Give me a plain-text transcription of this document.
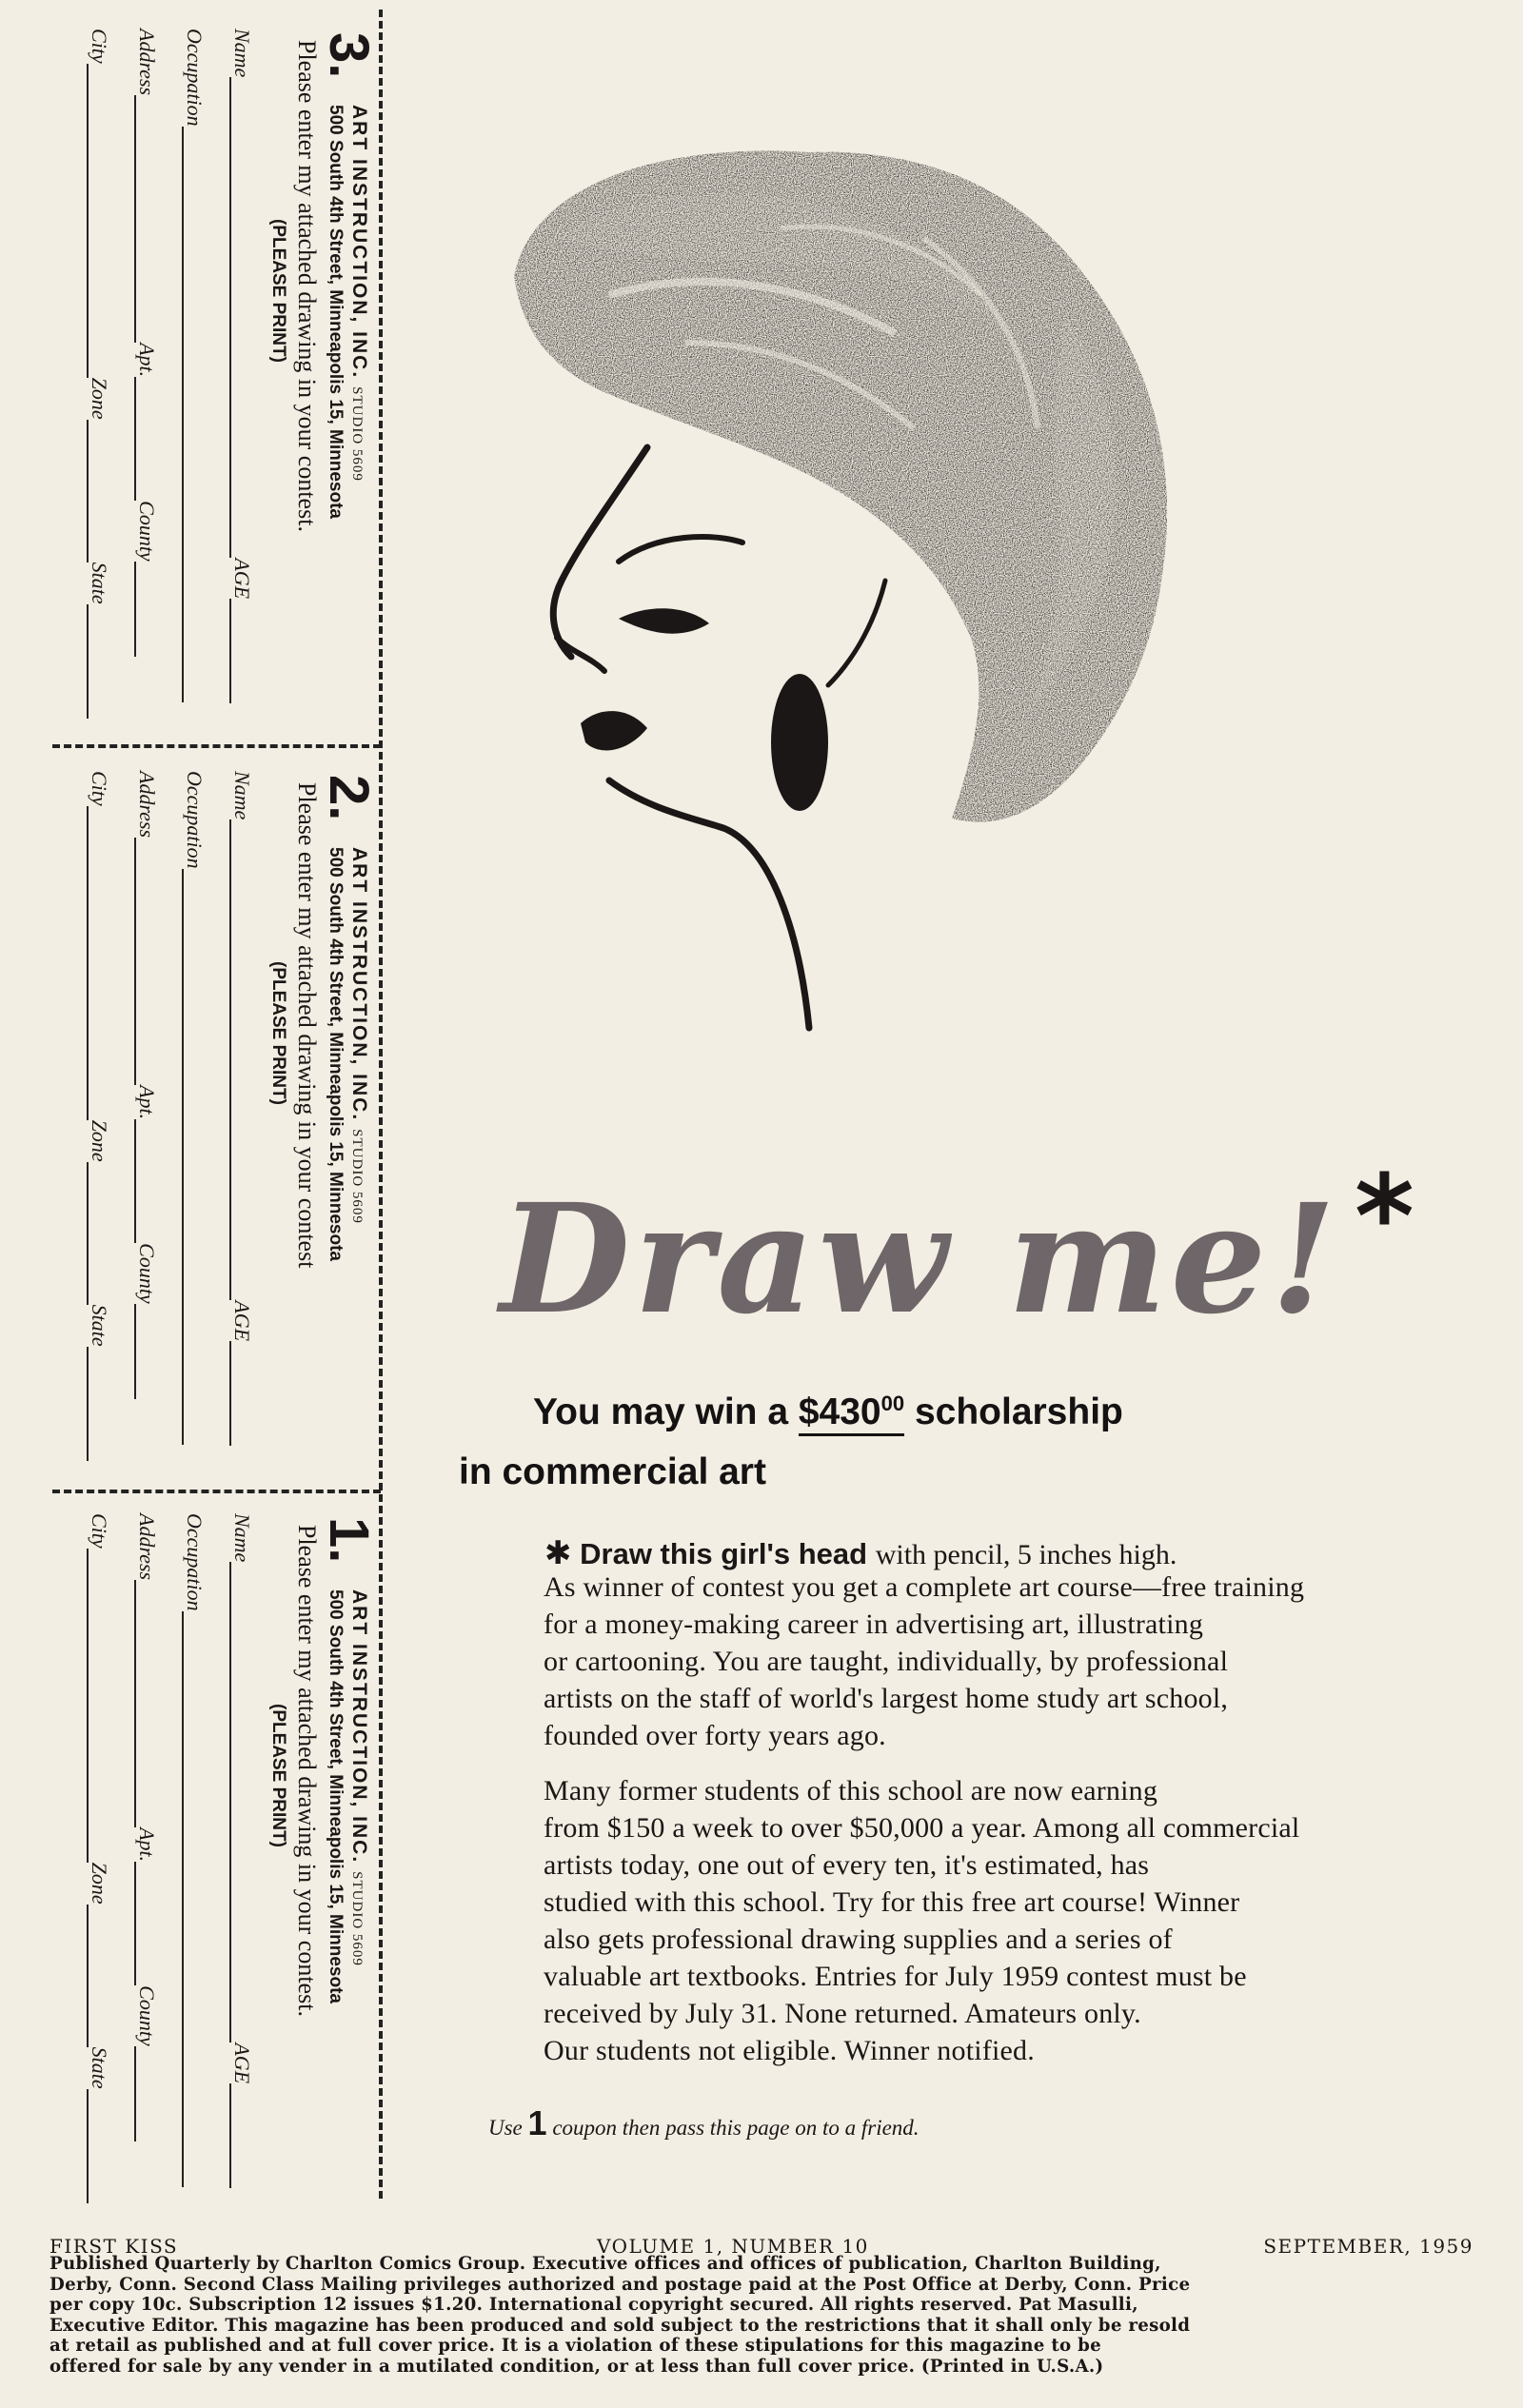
3.
ART INSTRUCTION, INC.STUDIO 5609
500 South 4th Street, Minneapolis 15, Minnesota
Please enter my attached drawing in your contest.
(PLEASE PRINT)
Name
AGE
Occupation
Address
Apt.
County
City
Zone
State
2.
ART INSTRUCTION, INC.STUDIO 5609
500 South 4th Street, Minneapolis 15, Minnesota
Please enter my attached drawing in your contest
(PLEASE PRINT)
Name
AGE
Occupation
Address
Apt.
County
City
Zone
State
1.
ART INSTRUCTION, INC.STUDIO 5609
500 South 4th Street, Minneapolis 15, Minnesota
Please enter my attached drawing in your contest.
(PLEASE PRINT)
Name
AGE
Occupation
Address
Apt.
County
City
Zone
State
Draw me! *
You may win a $\$430^{00}$ scholarship
in commercial art
✱ Draw this girl's head with pencil, 5 inches high.
As winner of contest you get a complete art course—free training
for a money-making career in advertising art, illustrating
or cartooning. You are taught, individually, by professional
artists on the staff of world's largest home study art school,
founded over forty years ago.
Many former students of this school are now earning
from $150 a week to over $50,000 a year. Among all commercial
artists today, one out of every ten, it's estimated, has
studied with this school. Try for this free art course! Winner
also gets professional drawing supplies and a series of
valuable art textbooks. Entries for July 1959 contest must be
received by July 31. None returned. Amateurs only.
Our students not eligible. Winner notified.
Use 1 coupon then pass this page on to a friend.
FIRST KISS	VOLUME 1, NUMBER 10	SEPTEMBER, 1959
Published Quarterly by Charlton Comics Group. Executive offices and offices of publication, Charlton Building,
Derby, Conn. Second Class Mailing privileges authorized and postage paid at the Post Office at Derby, Conn. Price
per copy 10c. Subscription 12 issues $1.20. International copyright secured. All rights reserved. Pat Masulli,
Executive Editor. This magazine has been produced and sold subject to the restrictions that it shall only be resold
at retail as published and at full cover price. It is a violation of these stipulations for this magazine to be
offered for sale by any vender in a mutilated condition, or at less than full cover price. (Printed in U.S.A.)
